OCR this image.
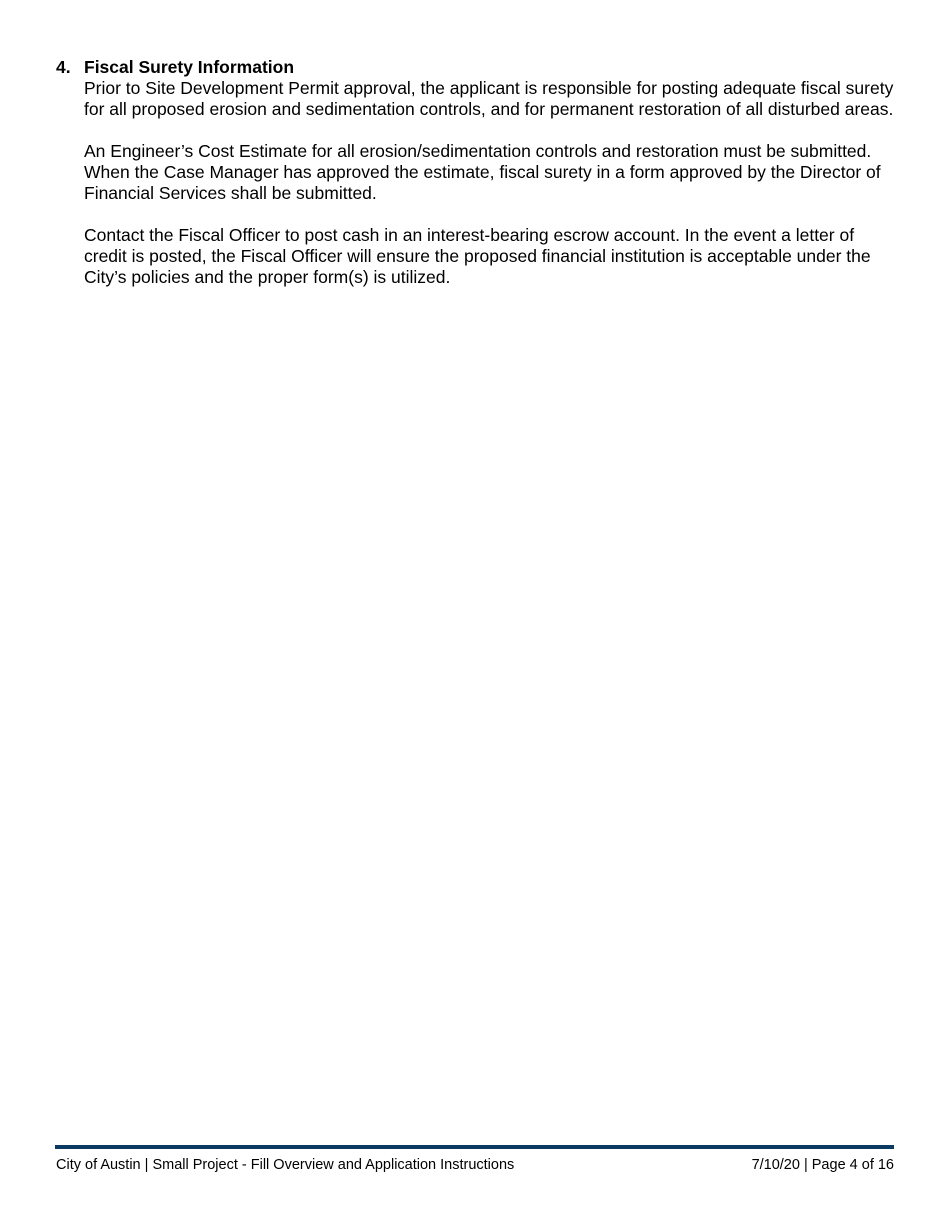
4. Fiscal Surety Information

Prior to Site Development Permit approval, the applicant is responsible for posting adequate fiscal surety for all proposed erosion and sedimentation controls, and for permanent restoration of all disturbed areas.

An Engineer’s Cost Estimate for all erosion/sedimentation controls and restoration must be submitted. When the Case Manager has approved the estimate, fiscal surety in a form approved by the Director of Financial Services shall be submitted.

Contact the Fiscal Officer to post cash in an interest-bearing escrow account. In the event a letter of credit is posted, the Fiscal Officer will ensure the proposed financial institution is acceptable under the City’s policies and the proper form(s) is utilized.

City of Austin | Small Project - Fill Overview and Application Instructions	7/10/20 | Page 4 of 16
